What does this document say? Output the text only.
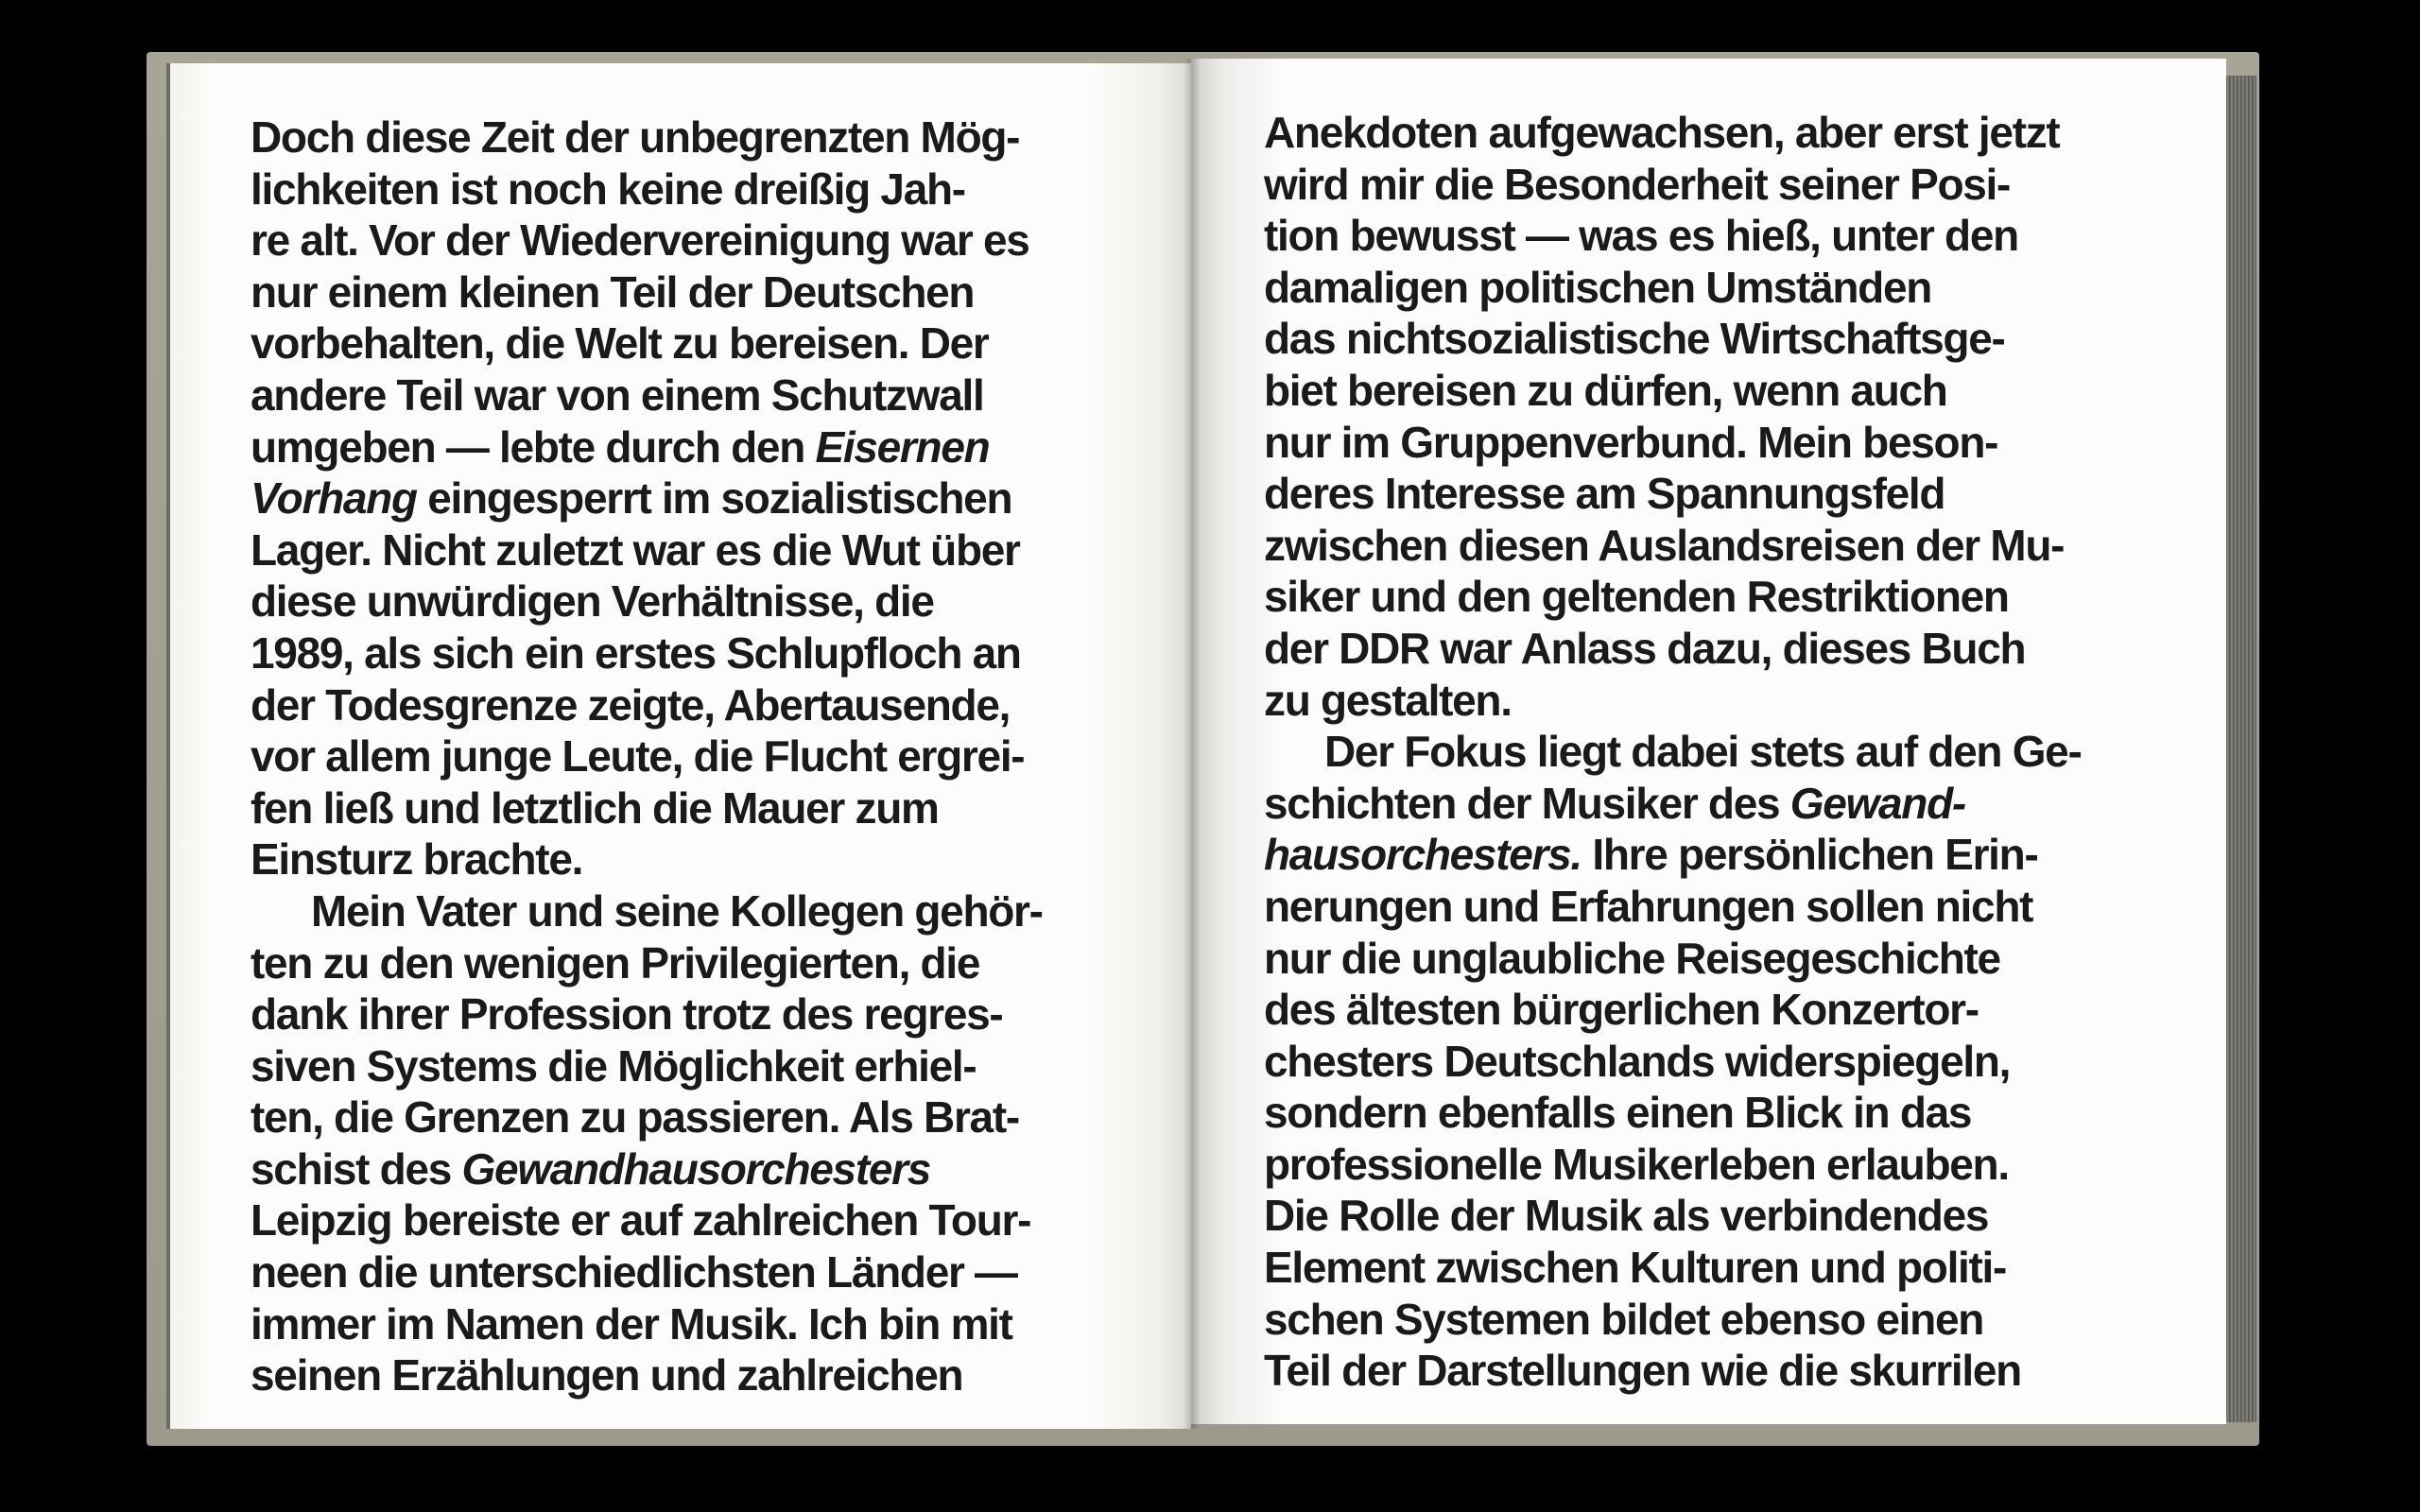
Doch diese Zeit der unbegrenzten Mög-
lichkeiten ist noch keine dreißig Jah-
re alt. Vor der Wiedervereinigung war es
nur einem kleinen Teil der Deutschen
vorbehalten, die Welt zu bereisen. Der
andere Teil war von einem Schutzwall
umgeben — lebte durch den Eisernen
Vorhang eingesperrt im sozialistischen
Lager. Nicht zuletzt war es die Wut über
diese unwürdigen Verhältnisse, die
1989, als sich ein erstes Schlupfloch an
der Todesgrenze zeigte, Abertausende,
vor allem junge Leute, die Flucht ergrei-
fen ließ und letztlich die Mauer zum
Einsturz brachte.
Mein Vater und seine Kollegen gehör-
ten zu den wenigen Privilegierten, die
dank ihrer Profession trotz des regres-
siven Systems die Möglichkeit erhiel-
ten, die Grenzen zu passieren. Als Brat-
schist des Gewandhausorchesters
Leipzig bereiste er auf zahlreichen Tour-
neen die unterschiedlichsten Länder —
immer im Namen der Musik. Ich bin mit
seinen Erzählungen und zahlreichen
Anekdoten aufgewachsen, aber erst jetzt
wird mir die Besonderheit seiner Posi-
tion bewusst — was es hieß, unter den
damaligen politischen Umständen
das nichtsozialistische Wirtschaftsge-
biet bereisen zu dürfen, wenn auch
nur im Gruppenverbund. Mein beson-
deres Interesse am Spannungsfeld
zwischen diesen Auslandsreisen der Mu-
siker und den geltenden Restriktionen
der DDR war Anlass dazu, dieses Buch
zu gestalten.
Der Fokus liegt dabei stets auf den Ge-
schichten der Musiker des Gewand-
hausorchesters. Ihre persönlichen Erin-
nerungen und Erfahrungen sollen nicht
nur die unglaubliche Reisegeschichte
des ältesten bürgerlichen Konzertor-
chesters Deutschlands widerspiegeln,
sondern ebenfalls einen Blick in das
professionelle Musikerleben erlauben.
Die Rolle der Musik als verbindendes
Element zwischen Kulturen und politi-
schen Systemen bildet ebenso einen
Teil der Darstellungen wie die skurrilen
